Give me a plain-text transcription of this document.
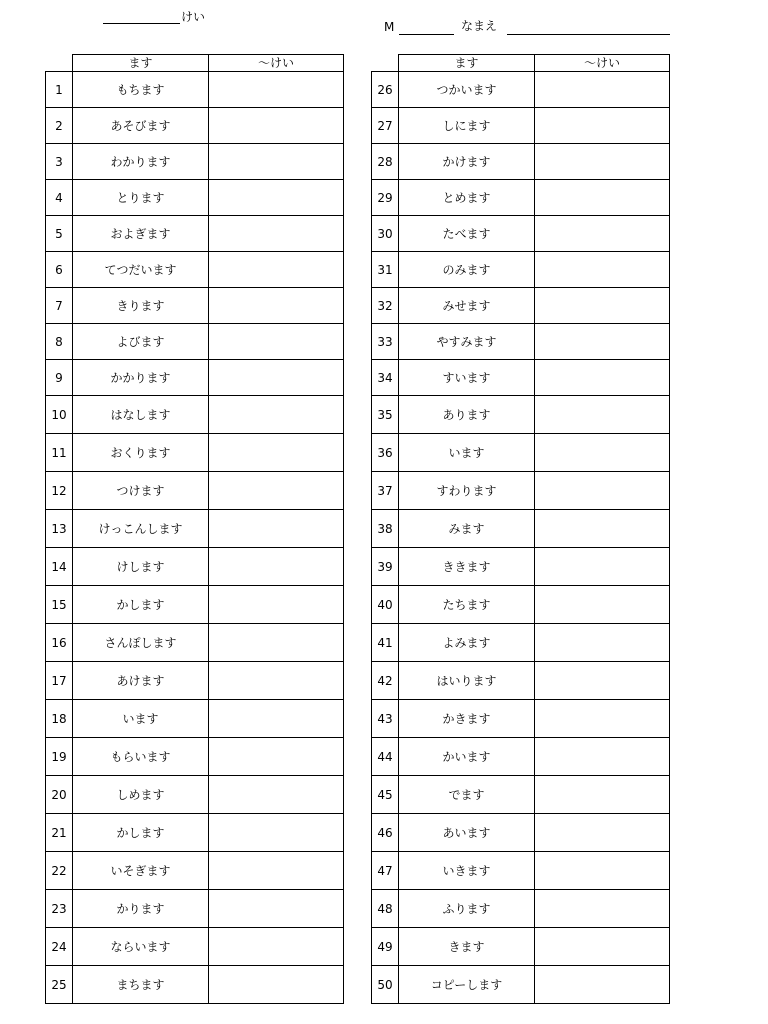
けい
M	なまえ
	ます	〜けい
1	もちます	
2	あそびます	
3	わかります	
4	とります	
5	およぎます	
6	てつだいます	
7	きります	
8	よびます	
9	かかります	
10	はなします	
11	おくります	
12	つけます	
13	けっこんします	
14	けします	
15	かします	
16	さんぽします	
17	あけます	
18	います	
19	もらいます	
20	しめます	
21	かします	
22	いそぎます	
23	かります	
24	ならいます	
25	まちます	
	ます	〜けい
26	つかいます	
27	しにます	
28	かけます	
29	とめます	
30	たべます	
31	のみます	
32	みせます	
33	やすみます	
34	すいます	
35	あります	
36	います	
37	すわります	
38	みます	
39	ききます	
40	たちます	
41	よみます	
42	はいります	
43	かきます	
44	かいます	
45	でます	
46	あいます	
47	いきます	
48	ふります	
49	きます	
50	コピーします	
